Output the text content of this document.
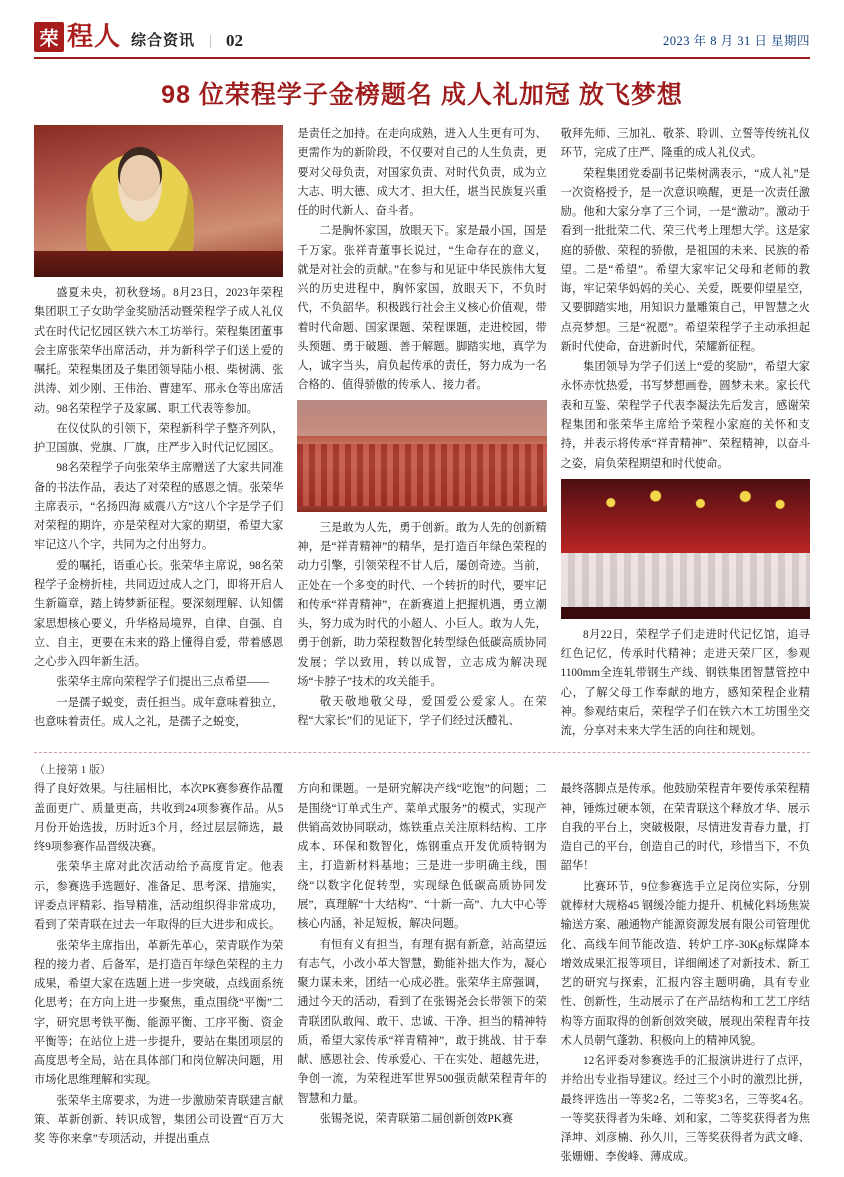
荣 程人 综合资讯 | 02	2023 年 8 月 31 日 星期四
98 位荣程学子金榜题名 成人礼加冠 放飞梦想

盛夏未央，初秋登场。8月23日，2023年荣程集团职工子女助学金奖励活动暨荣程学子成人礼仪式在时代记忆园区铁六木工坊举行。荣程集团董事会主席张荣华出席活动，并为新科学子们送上爱的嘱托。荣程集团及子集团领导陆小根、柴树满、张洪涛、刘少刚、王伟治、曹建军、邢永仓等出席活动。98名荣程学子及家属、职工代表等参加。

在仪仗队的引领下，荣程新科学子整齐列队，护卫国旗、党旗、厂旗，庄严步入时代记忆园区。

98名荣程学子向张荣华主席赠送了大家共同准备的书法作品，表达了对荣程的感恩之情。张荣华主席表示，“名扬四海 威震八方”这八个字是学子们对荣程的期许，亦是荣程对大家的期望，希望大家牢记这八个字，共同为之付出努力。

爱的嘱托，语重心长。张荣华主席说，98名荣程学子金榜折桂，共同迈过成人之门，即将开启人生新篇章，踏上铸梦新征程。要深刻理解、认知儒家思想核心要义，升华格局境界，自律、自强、自立、自主，更要在未来的路上懂得自爱，带着感恩之心步入四年新生活。

张荣华主席向荣程学子们提出三点希望——

一是孺子蜕变，责任担当。成年意味着独立，也意味着责任。成人之礼，是孺子之蜕变，

是责任之加持。在走向成熟，进入人生更有可为、更需作为的新阶段，不仅要对自己的人生负责，更要对父母负责，对国家负责、对时代负责，成为立大志、明大德、成大才、担大任，堪当民族复兴重任的时代新人、奋斗者。

二是胸怀家国，放眼天下。家是最小国，国是千万家。张祥青董事长说过，“生命存在的意义，就是对社会的贡献。”在参与和见证中华民族伟大复兴的历史进程中，胸怀家国，放眼天下，不负时代，不负韶华。积极践行社会主义核心价值观，带着时代命题、国家课题、荣程课题，走进校园，带头预题、勇于破题、善于解题。脚踏实地，真学为人，诚字当头，肩负起传承的责任，努力成为一名合格的、值得骄傲的传承人、接力者。

三是敢为人先，勇于创新。敢为人先的创新精神，是“祥青精神”的精华，是打造百年绿色荣程的动力引擎，引领荣程不甘人后，屡创奇迹。当前，正处在一个多变的时代、一个转折的时代，要牢记和传承“祥青精神”，在新赛道上把握机遇，勇立潮头，努力成为时代的小超人、小巨人。敢为人先，勇于创新，助力荣程数智化转型绿色低碳高质协同发展；学以致用，转以成智，立志成为解决现场“卡脖子”技术的攻关能手。

敬天敬地敬父母，爱国爱公爱家人。在荣程“大家长”们的见证下，学子们经过沃醴礼、

敬拜先师、三加礼、敬茶、聆训、立誓等传统礼仪环节，完成了庄严、隆重的成人礼仪式。

荣程集团党委副书记柴树满表示，“成人礼”是一次资格授予，是一次意识唤醒，更是一次责任激励。他和大家分享了三个词，一是“激动”。激动于看到一批批荣二代、荣三代考上理想大学。这是家庭的骄傲、荣程的骄傲，是祖国的未来、民族的希望。二是“希望”。希望大家牢记父母和老师的教诲，牢记荣华妈妈的关心、关爱，既要仰望星空，又要脚踏实地，用知识力量雕策自己，甲智慧之火点亮梦想。三是“祝愿”。希望荣程学子主动承担起新时代使命，奋进新时代，荣耀新征程。

集团领导为学子们送上“爱的奖励”，希望大家永怀赤忱热爱，书写梦想画卷，圆梦未来。家长代表和互鉴、荣程学子代表李凝法先后发言，感谢荣程集团和张荣华主席给予荣程小家庭的关怀和支持，并表示将传承“祥青精神”、荣程精神，以奋斗之姿，肩负荣程期望和时代使命。

8月22日，荣程学子们走进时代记忆馆，追寻红色记忆，传承时代精神；走进天荣厂区，参观1100mm全连轧带钢生产线、钢铁集团智慧管控中心，了解父母工作奉献的地方，感知荣程企业精神。参观结束后，荣程学子们在铁六木工坊围坐交流，分享对未来大学生活的向往和规划。

（上接第 1 版）

得了良好效果。与往届相比，本次PK赛参赛作品覆盖面更广、质量更高，共收到24项参赛作品。从5月份开始选拔，历时近3个月，经过层层筛选，最终9项参赛作品晋级决赛。

张荣华主席对此次活动给予高度肯定。他表示，参赛选手选题好、准备足、思考深、措施实，评委点评精彩、指导精准，活动组织得非常成功，看到了荣青联在过去一年取得的巨大进步和成长。

张荣华主席指出，革新先革心，荣青联作为荣程的接力者、后备军，是打造百年绿色荣程的主力成果，希望大家在选题上进一步突破，点线面系统化思考；在方向上进一步聚焦，重点围绕“平衡”二字，研究思考铁平衡、能源平衡、工序平衡、资金平衡等；在站位上进一步提升，要站在集团项层的高度思考全局，站在具体部门和岗位解决问题，用市场化思维理解和实现。

张荣华主席要求，为进一步激励荣青联建言献策、革新创新、转识成智，集团公司设置“百万大奖 等你来拿”专项活动，并提出重点

方向和课题。一是研究解决产线“吃饱”的问题；二是围绕“订单式生产、菜单式服务”的模式，实现产供销高效协同联动，炼铁重点关注原料结构、工序成本、环保和数智化，炼钢重点开发优质特钢为主，打造新材料基地；三是进一步明确主线，围绕“以数字化促转型，实现绿色低碳高质协同发展”，真理解“十大结构”、“十新一高”、九大中心等核心内涵，补足短板，解决问题。

有恒有义有担当，有理有据有新意，站高望远有志气，小改小革大智慧，勤能补拙大作为，凝心聚力谋未来，团结一心成必胜。张荣华主席强调，通过今天的活动，看到了在张锡尧会长带领下的荣青联团队敢闯、敢干、忠诚、干净、担当的精神特质，希望大家传承“祥青精神”，敢于挑战、甘于奉献、感恩社会、传承爱心、干在实处、超越先进，争创一流，为荣程进军世界500强贡献荣程青年的智慧和力量。

张锡尧说，荣青联第二届创新创效PK赛

最终落脚点是传承。他鼓励荣程青年要传承荣程精神，锤炼过硬本领，在荣青联这个释放才华、展示自我的平台上，突破极限，尽情进发青春力量，打造自己的平台，创造自己的时代，珍惜当下，不负韶华！

比赛环节，9位参赛选手立足岗位实际，分别就棒材大规格45 钢缓冷能力提升、机械化料场焦炭输送方案、融通物产能源资源发展有限公司管理优化、高线车间节能改造、转炉工序-30Kg标煤降本增效成果汇报等项目，详细阐述了对新技术、新工艺的研究与探索，汇报内容主题明确，具有专业性、创新性，生动展示了在产品结构和工艺工序结构等方面取得的创新创效突破，展现出荣程青年技术人员朝气蓬勃、积极向上的精神风貌。

12名评委对参赛选手的汇报演讲进行了点评，并给出专业指导建议。经过三个小时的激烈比拼，最终评选出一等奖2名，二等奖3名，三等奖4名。一等奖获得者为朱峰、刘和家，二等奖获得者为焦泽坤、刘彦楠、孙久川，三等奖获得者为武文峰、张姗姗、李俊峰、薄成成。
